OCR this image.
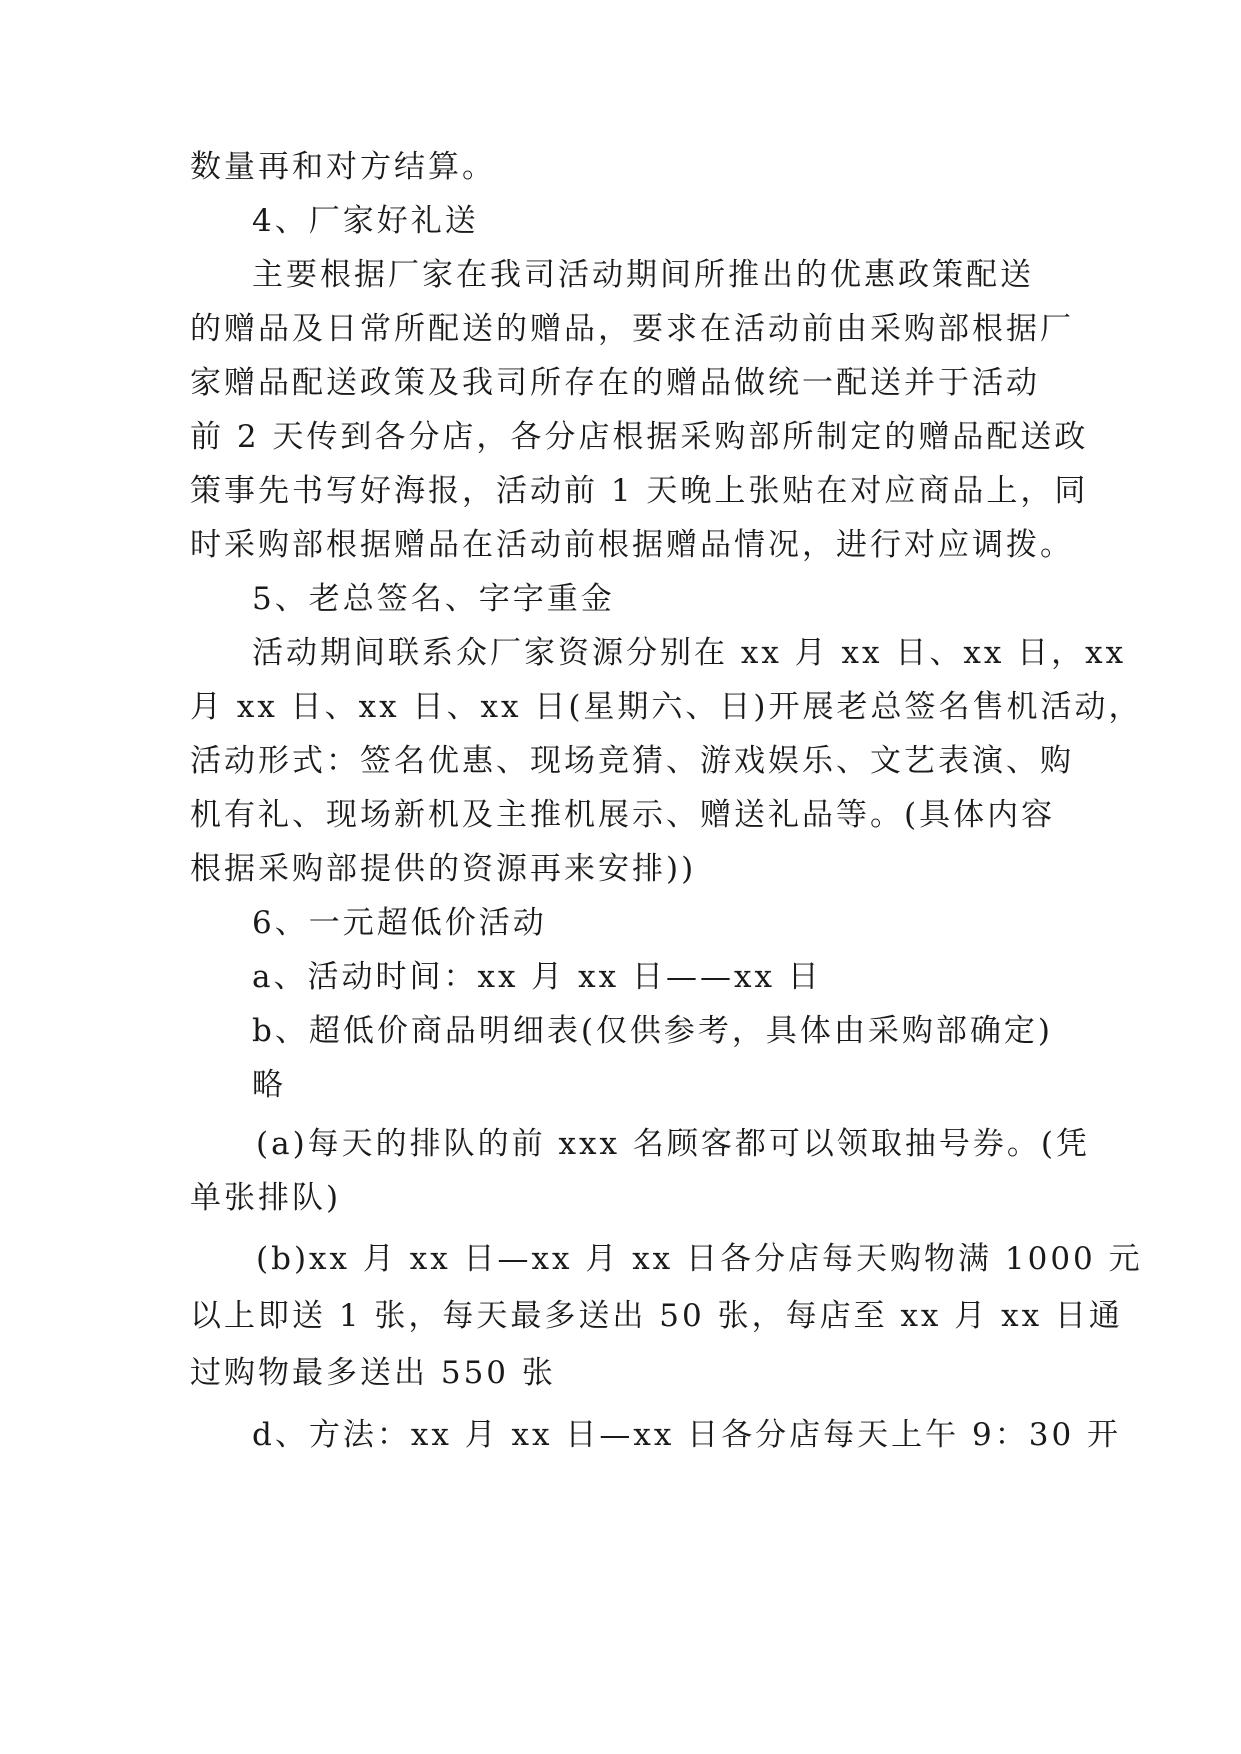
数量再和对方结算。
4、厂家好礼送
主要根据厂家在我司活动期间所推出的优惠政策配送
的赠品及日常所配送的赠品，要求在活动前由采购部根据厂
家赠品配送政策及我司所存在的赠品做统一配送并于活动
前 2 天传到各分店，各分店根据采购部所制定的赠品配送政
策事先书写好海报，活动前 1 天晚上张贴在对应商品上，同
时采购部根据赠品在活动前根据赠品情况，进行对应调拨。
5、老总签名、字字重金
活动期间联系众厂家资源分别在 xx 月 xx 日、xx 日，xx
月 xx 日、xx 日、xx 日(星期六、日)开展老总签名售机活动，
活动形式：签名优惠、现场竞猜、游戏娱乐、文艺表演、购
机有礼、现场新机及主推机展示、赠送礼品等。(具体内容
根据采购部提供的资源再来安排))
6、一元超低价活动
a、活动时间：xx 月 xx 日——xx 日
b、超低价商品明细表(仅供参考，具体由采购部确定)
略
(a)每天的排队的前 xxx 名顾客都可以领取抽号券。(凭
单张排队)
(b)xx 月 xx 日—xx 月 xx 日各分店每天购物满 1000 元
以上即送 1 张，每天最多送出 50 张，每店至 xx 月 xx 日通
过购物最多送出 550 张
d、方法：xx 月 xx 日—xx 日各分店每天上午 9：30 开
